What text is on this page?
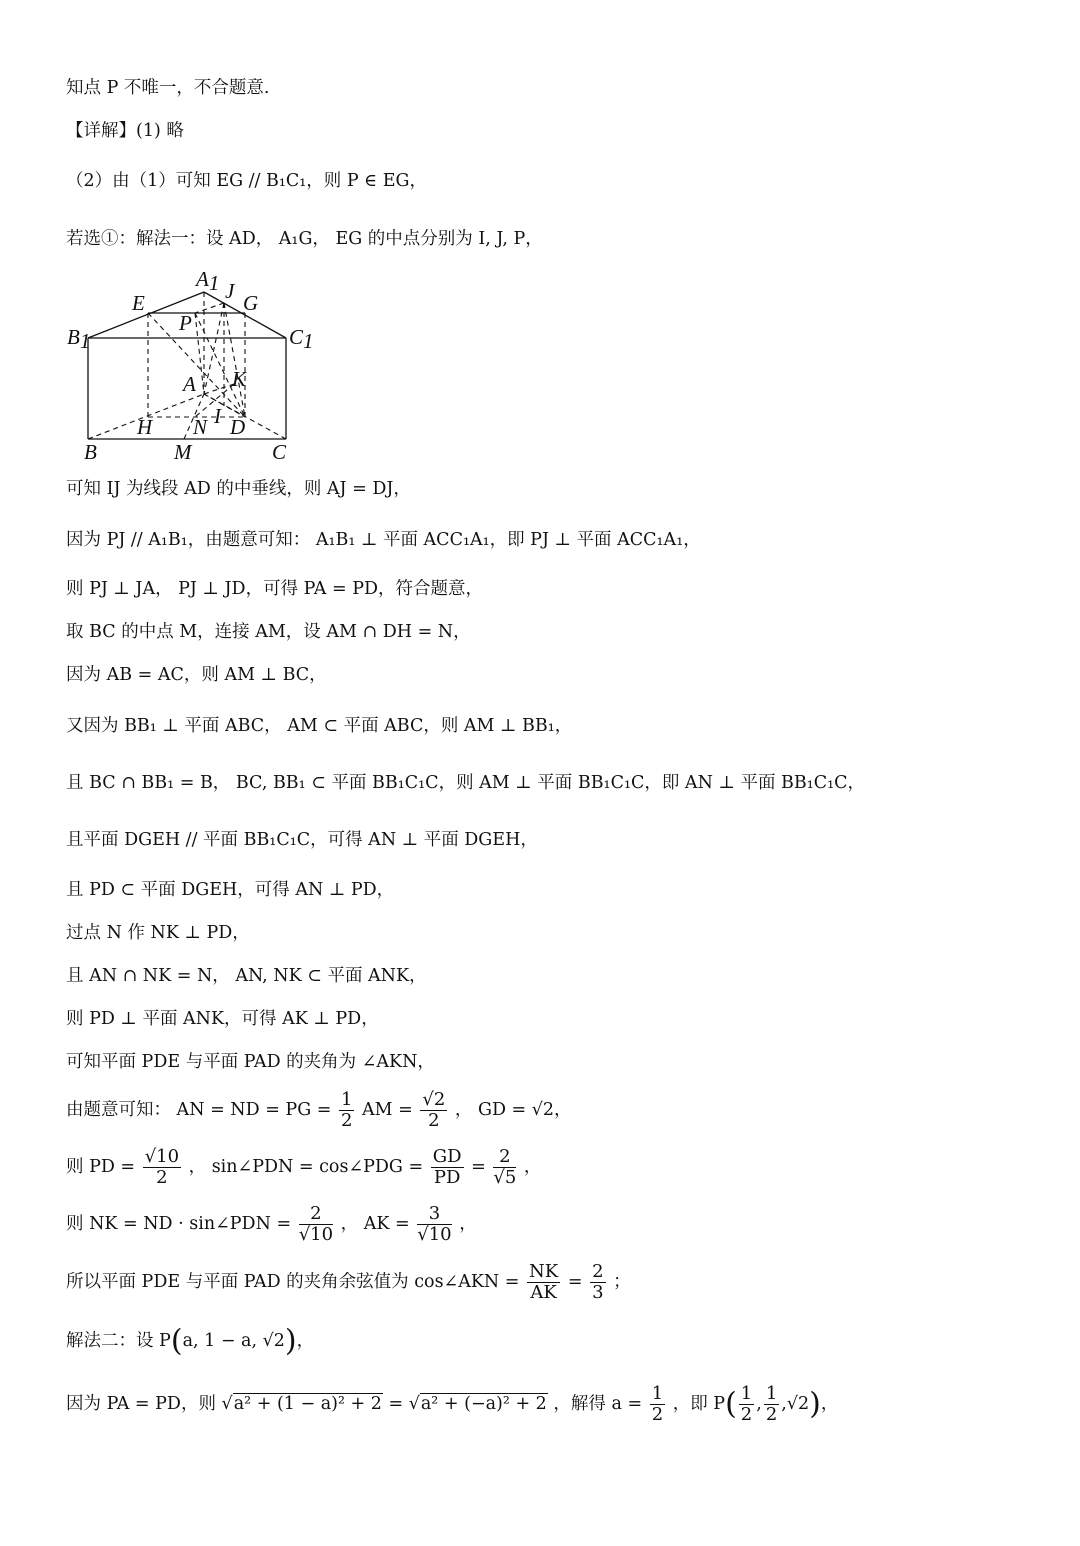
知点 P 不唯一，不合题意.
【详解】(1) 略
（2）由（1）可知 EG // B₁C₁，则 P ∈ EG，
若选①：解法一：设 AD， A₁G， EG 的中点分别为 I, J, P，
A1 J
E	G
P
B1	C1
A K
H N I D
B	M	C
可知 IJ 为线段 AD 的中垂线，则 AJ = DJ，
因为 PJ // A₁B₁，由题意可知： A₁B₁ ⊥ 平面 ACC₁A₁，即 PJ ⊥ 平面 ACC₁A₁，
则 PJ ⊥ JA， PJ ⊥ JD，可得 PA = PD，符合题意，
取 BC 的中点 M，连接 AM，设 AM ∩ DH = N，
因为 AB = AC，则 AM ⊥ BC，
又因为 BB₁ ⊥ 平面 ABC， AM ⊂ 平面 ABC，则 AM ⊥ BB₁，
且 BC ∩ BB₁ = B， BC, BB₁ ⊂ 平面 BB₁C₁C，则 AM ⊥ 平面 BB₁C₁C，即 AN ⊥ 平面 BB₁C₁C，
且平面 DGEH // 平面 BB₁C₁C，可得 AN ⊥ 平面 DGEH，
且 PD ⊂ 平面 DGEH，可得 AN ⊥ PD，
过点 N 作 NK ⊥ PD，
且 AN ∩ NK = N， AN, NK ⊂ 平面 ANK，
则 PD ⊥ 平面 ANK，可得 AK ⊥ PD，
可知平面 PDE 与平面 PAD 的夹角为 ∠AKN，
由题意可知： AN = ND = PG = $\frac{1}{2}$ AM = $\frac{√2}{2}$ ， GD = √2，
则 PD = $\frac{√10}{2}$ ， sin∠PDN = cos∠PDG = $\frac{GD}{PD} = \frac{2}{√5}$ ，
则 NK = ND · sin∠PDN = $\frac{2}{√10}$ ， AK = $\frac{3}{√10}$ ，
所以平面 PDE 与平面 PAD 的夹角余弦值为 cos∠AKN = $\frac{NK}{AK} = \frac{2}{3}$ ；
解法二：设 P(a, 1 − a, √2)，
因为 PA = PD，则 √a² + (1 − a)² + 2 = √a² + (−a)² + 2 ，解得 $a = \frac{1}{2}$ ，即 $P( \frac{1}{2}$ , $\frac{1}{2} ,√2$)，
